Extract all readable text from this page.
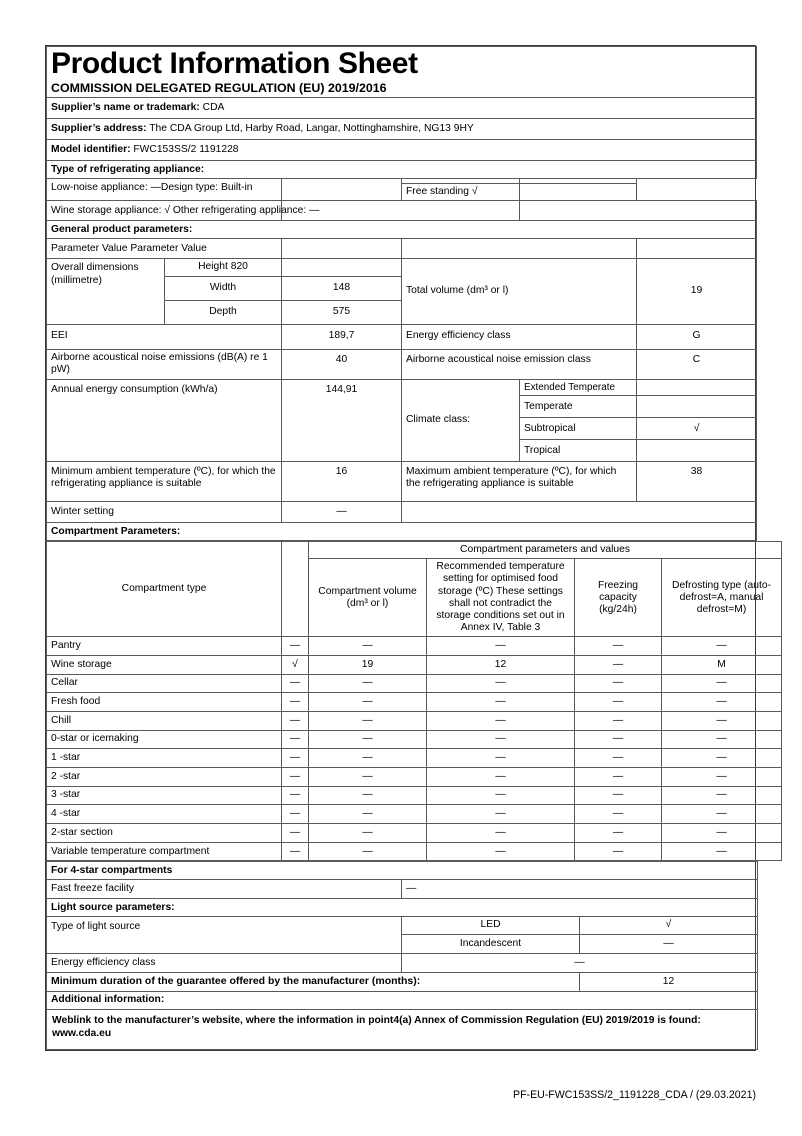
Product Information Sheet
COMMISSION DELEGATED REGULATION (EU) 2019/2016					

Supplier’s name or trademark: CDA					
Supplier’s address: The CDA Group Ltd, Harby Road, Langar, Nottinghamshire, NG13 9HY					
Model identifier: FWC153SS/2 1191228					
Type of refrigerating appliance:					
Low-noise appliance: —Design type: Built-in					
			Free standing √		
Wine storage appliance: √ Other refrigerating appliance: —					
General product parameters:					
Parameter Value Parameter Value					
Overall dimensions (millimetre)	Height 820		Total volume (dm³ or l)		19
	Width	148			
	Depth	575			
EEI		189,7	Energy efficiency class		G
Airborne acoustical noise emissions (dB(A) re 1 pW)		40	Airborne acoustical noise emission class		C
Annual energy consumption (kWh/a)		144,91	Climate class:	Extended Temperate	
				Temperate	
				Subtropical	√
				Tropical	
Minimum ambient temperature (ºC), for which the refrigerating appliance is suitable		16	Maximum ambient temperature (ºC), for which the refrigerating appliance is suitable		38
Winter setting		—			
Compartment Parameters:					
Compartment type		Compartment parameters and values			
		Compartment volume (dm³ or l)	Recommended temperature setting for optimised food storage (ºC) These settings shall not contradict the storage conditions set out in Annex IV, Table 3	Freezing capacity (kg/24h)	Defrosting type (auto-defrost=A, manual defrost=M)
Pantry	—	—	—	—	—
Wine storage	√	19	12	—	M
Cellar	—	—	—	—	—
Fresh food	—	—	—	—	—
Chill	—	—	—	—	—
0-star or icemaking	—	—	—	—	—
1 -star	—	—	—	—	—
2 -star	—	—	—	—	—
3 -star	—	—	—	—	—
4 -star	—	—	—	—	—
2-star section	—	—	—	—	—
Variable temperature compartment	—	—	—	—	—
For 4-star compartments		
Fast freeze facility	—	
Light source parameters:		
Type of light source	LED	√
	Incandescent	—
Energy efficiency class	—	
Minimum duration of the guarantee offered by the manufacturer (months):		12
Additional information:		
Weblink to the manufacturer’s website, where the information in point4(a) Annex of Commission Regulation (EU) 2019/2019 is found: www.cda.eu		
PF-EU-FWC153SS/2_1191228_CDA / (29.03.2021)
